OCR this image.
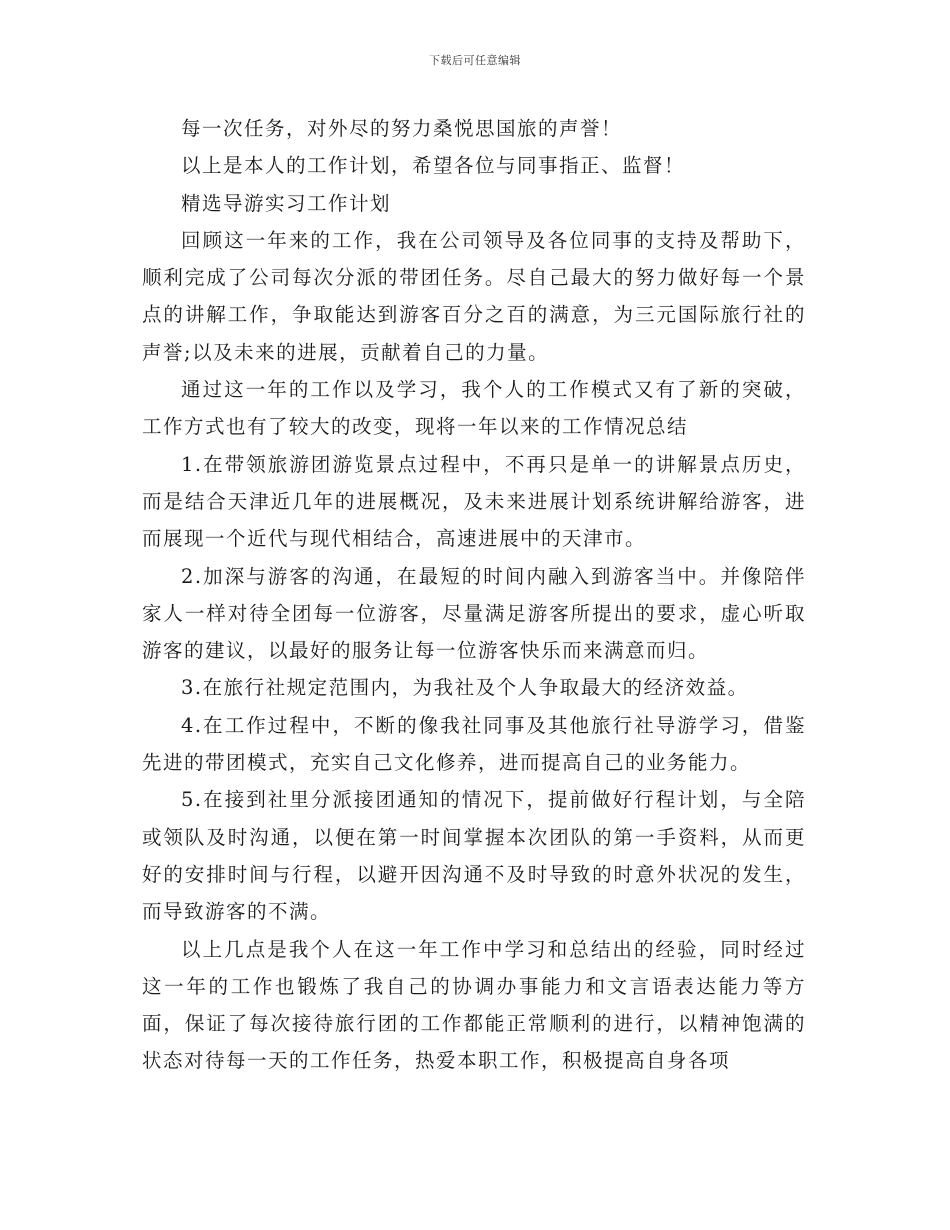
下载后可任意编辑

每一次任务，对外尽的努力桑悦思国旅的声誉！

以上是本人的工作计划，希望各位与同事指正、监督！

精选导游实习工作计划

回顾这一年来的工作，我在公司领导及各位同事的支持及帮助下，顺利完成了公司每次分派的带团任务。尽自己最大的努力做好每一个景点的讲解工作，争取能达到游客百分之百的满意，为三元国际旅行社的声誉;以及未来的进展，贡献着自己的力量。

通过这一年的工作以及学习，我个人的工作模式又有了新的突破，工作方式也有了较大的改变，现将一年以来的工作情况总结

1.在带领旅游团游览景点过程中，不再只是单一的讲解景点历史，而是结合天津近几年的进展概况，及未来进展计划系统讲解给游客，进而展现一个近代与现代相结合，高速进展中的天津市。

2.加深与游客的沟通，在最短的时间内融入到游客当中。并像陪伴家人一样对待全团每一位游客，尽量满足游客所提出的要求，虚心听取游客的建议，以最好的服务让每一位游客快乐而来满意而归。

3.在旅行社规定范围内，为我社及个人争取最大的经济效益。

4.在工作过程中，不断的像我社同事及其他旅行社导游学习，借鉴先进的带团模式，充实自己文化修养，进而提高自己的业务能力。

5.在接到社里分派接团通知的情况下，提前做好行程计划，与全陪或领队及时沟通，以便在第一时间掌握本次团队的第一手资料，从而更好的安排时间与行程，以避开因沟通不及时导致的时意外状况的发生，而导致游客的不满。

以上几点是我个人在这一年工作中学习和总结出的经验，同时经过这一年的工作也锻炼了我自己的协调办事能力和文言语表达能力等方面，保证了每次接待旅行团的工作都能正常顺利的进行，以精神饱满的状态对待每一天的工作任务，热爱本职工作，积极提高自身各项
